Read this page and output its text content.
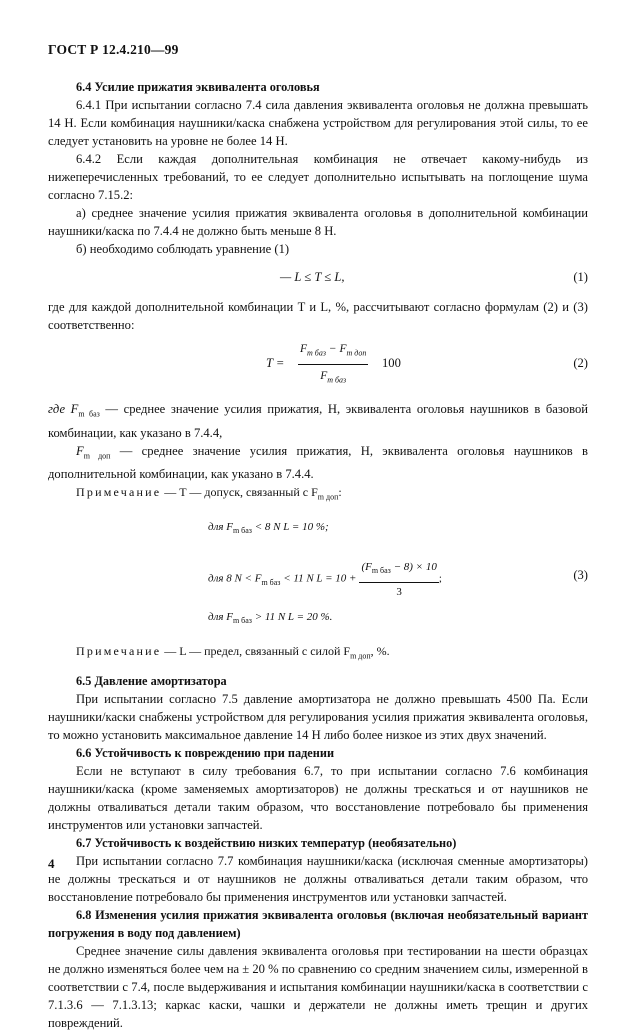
ГОСТ Р 12.4.210—99

6.4 Усилие прижатия эквивалента оголовья

6.4.1 При испытании согласно 7.4 сила давления эквивалента оголовья не должна превышать 14 Н. Если комбинация наушники/каска снабжена устройством для регулирования этой силы, то ее следует установить на уровне не более 14 Н.

6.4.2 Если каждая дополнительная комбинация не отвечает какому-нибудь из нижеперечисленных требований, то ее следует дополнительно испытывать на поглощение шума согласно 7.15.2:

а) среднее значение усилия прижатия эквивалента оголовья в дополнительной комбинации наушники/каска по 7.4.4 не должно быть меньше 8 Н.

б) необходимо соблюдать уравнение (1)

— L ≤ T ≤ L,	(1)

где для каждой дополнительной комбинации T и L, %, рассчитывают согласно формулам (2) и (3) соответственно:

T =
$F_{m баз} - F_{m доп}$
$F_{m баз}$
100	(2)

где $F_{m баз}$ — среднее значение усилия прижатия, Н, эквивалента оголовья наушников в базовой комбинации, как указано в 7.4.4,

$F_{m доп}$ — среднее значение усилия прижатия, Н, эквивалента оголовья наушников в дополнительной комбинации, как указано в 7.4.4.

Примечание — T — допуск, связанный с $F_{m доп}$:

для $F_{m баз} < 8$ N L = 10 %;
для 8 $N < F_{m баз} < 11$ N L = 10 +
$(F_{m баз} - 8) \times 10$
3
;
для $F_{m баз} > 11$ N L = 20 %.
(3)

Примечание — L — предел, связанный с силой $F_{m доп}$, %.

6.5 Давление амортизатора

При испытании согласно 7.5 давление амортизатора не должно превышать 4500 Па. Если наушники/каски снабжены устройством для регулирования усилия прижатия эквивалента оголовья, то можно установить максимальное давление 14 Н либо более низкое из этих двух значений.

6.6 Устойчивость к повреждению при падении

Если не вступают в силу требования 6.7, то при испытании согласно 7.6 комбинация наушники/каска (кроме заменяемых амортизаторов) не должны трескаться и от наушников не должны отваливаться детали таким образом, что восстановление потребовало бы применения инструментов или установки запчастей.

6.7 Устойчивость к воздействию низких температур (необязательно)

При испытании согласно 7.7 комбинация наушники/каска (исключая сменные амортизаторы) не должны трескаться и от наушников не должны отваливаться детали таким образом, что восстановление потребовало бы применения инструментов или установки запчастей.

6.8 Изменения усилия прижатия эквивалента оголовья (включая необязательный вариант погружения в воду под давлением)

Среднее значение силы давления эквивалента оголовья при тестировании на шести образцах не должно изменяться более чем на ± 20 % по сравнению со средним значением силы, измеренной в соответствии с 7.4, после выдерживания и испытания комбинации наушники/каска в соответствии с 7.1.3.6 — 7.1.3.13; каркас каски, чашки и держатели не должны иметь трещин и других повреждений.

4
